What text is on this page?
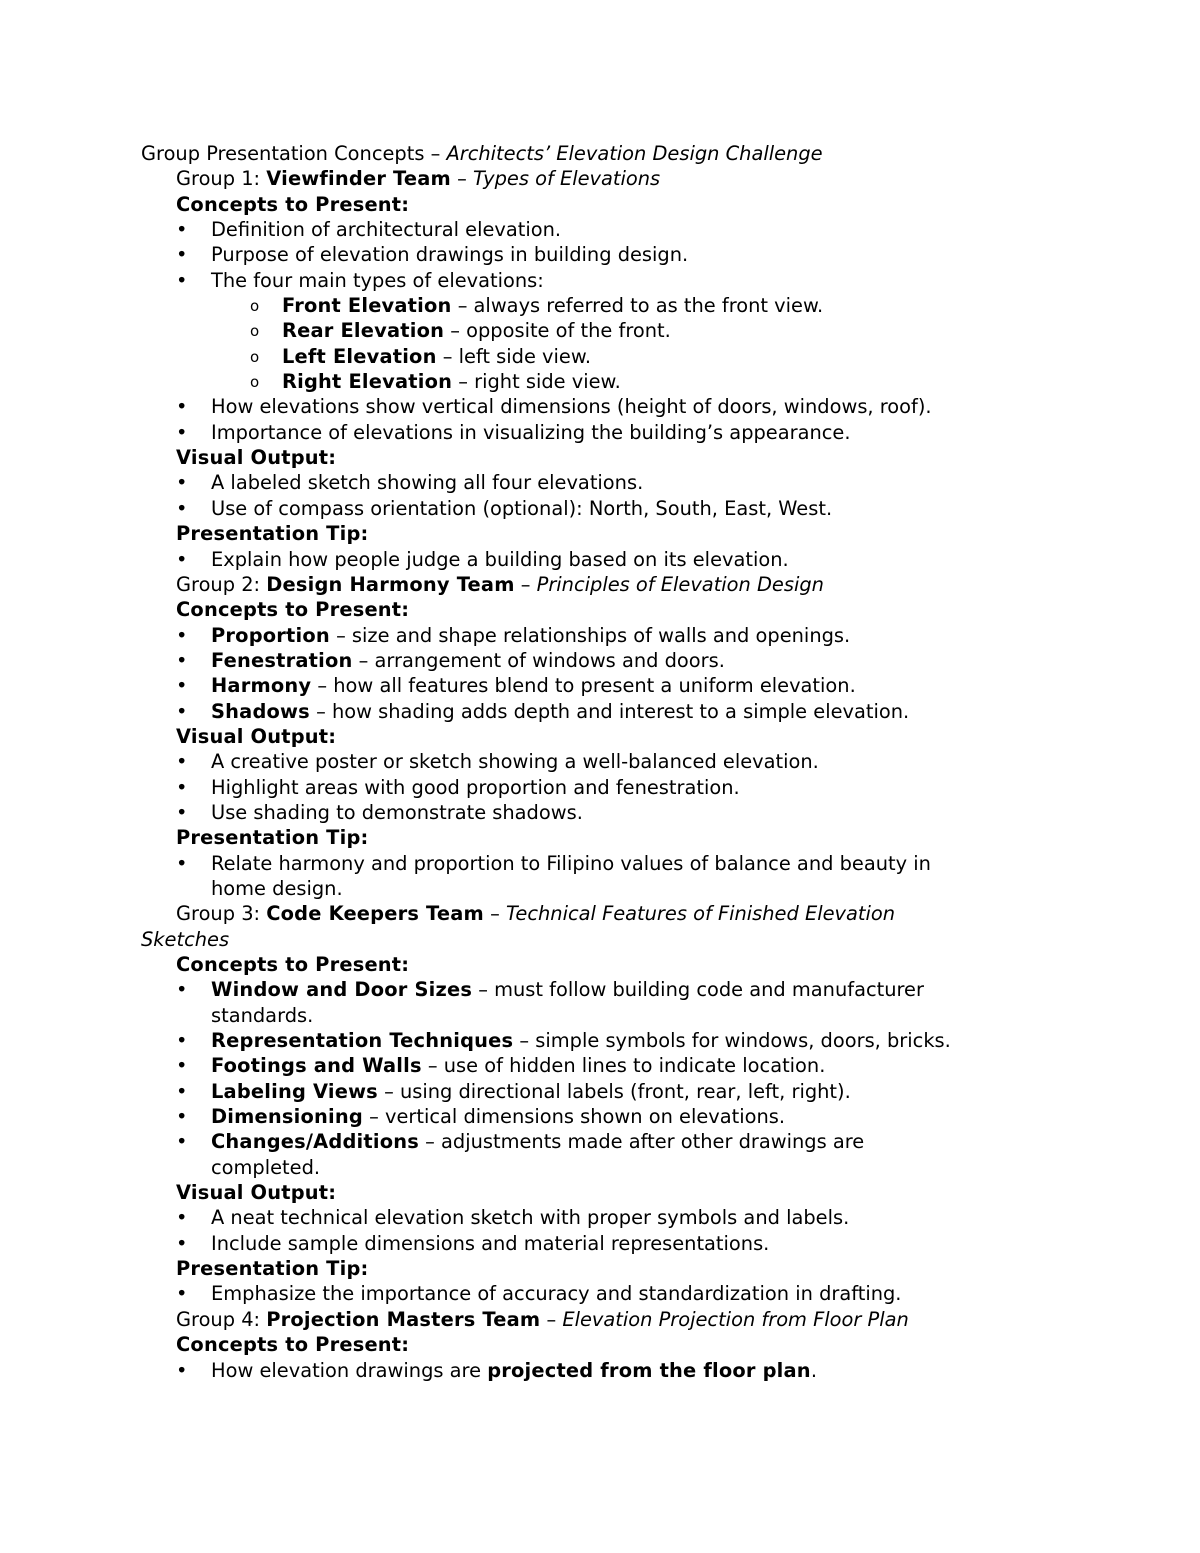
Group Presentation Concepts – Architects’ Elevation Design Challenge
Group 1: Viewfinder Team – Types of Elevations
Concepts to Present:
• Definition of architectural elevation.
• Purpose of elevation drawings in building design.
• The four main types of elevations:
o Front Elevation – always referred to as the front view.
o Rear Elevation – opposite of the front.
o Left Elevation – left side view.
o Right Elevation – right side view.
• How elevations show vertical dimensions (height of doors, windows, roof).
• Importance of elevations in visualizing the building’s appearance.
Visual Output:
• A labeled sketch showing all four elevations.
• Use of compass orientation (optional): North, South, East, West.
Presentation Tip:
• Explain how people judge a building based on its elevation.
Group 2: Design Harmony Team – Principles of Elevation Design
Concepts to Present:
• Proportion – size and shape relationships of walls and openings.
• Fenestration – arrangement of windows and doors.
• Harmony – how all features blend to present a uniform elevation.
• Shadows – how shading adds depth and interest to a simple elevation.
Visual Output:
• A creative poster or sketch showing a well-balanced elevation.
• Highlight areas with good proportion and fenestration.
• Use shading to demonstrate shadows.
Presentation Tip:
• Relate harmony and proportion to Filipino values of balance and beauty in
home design.
Group 3: Code Keepers Team – Technical Features of Finished Elevation
Sketches
Concepts to Present:
• Window and Door Sizes – must follow building code and manufacturer
standards.
• Representation Techniques – simple symbols for windows, doors, bricks.
• Footings and Walls – use of hidden lines to indicate location.
• Labeling Views – using directional labels (front, rear, left, right).
• Dimensioning – vertical dimensions shown on elevations.
• Changes/Additions – adjustments made after other drawings are
completed.
Visual Output:
• A neat technical elevation sketch with proper symbols and labels.
• Include sample dimensions and material representations.
Presentation Tip:
• Emphasize the importance of accuracy and standardization in drafting.
Group 4: Projection Masters Team – Elevation Projection from Floor Plan
Concepts to Present:
• How elevation drawings are projected from the floor plan.
